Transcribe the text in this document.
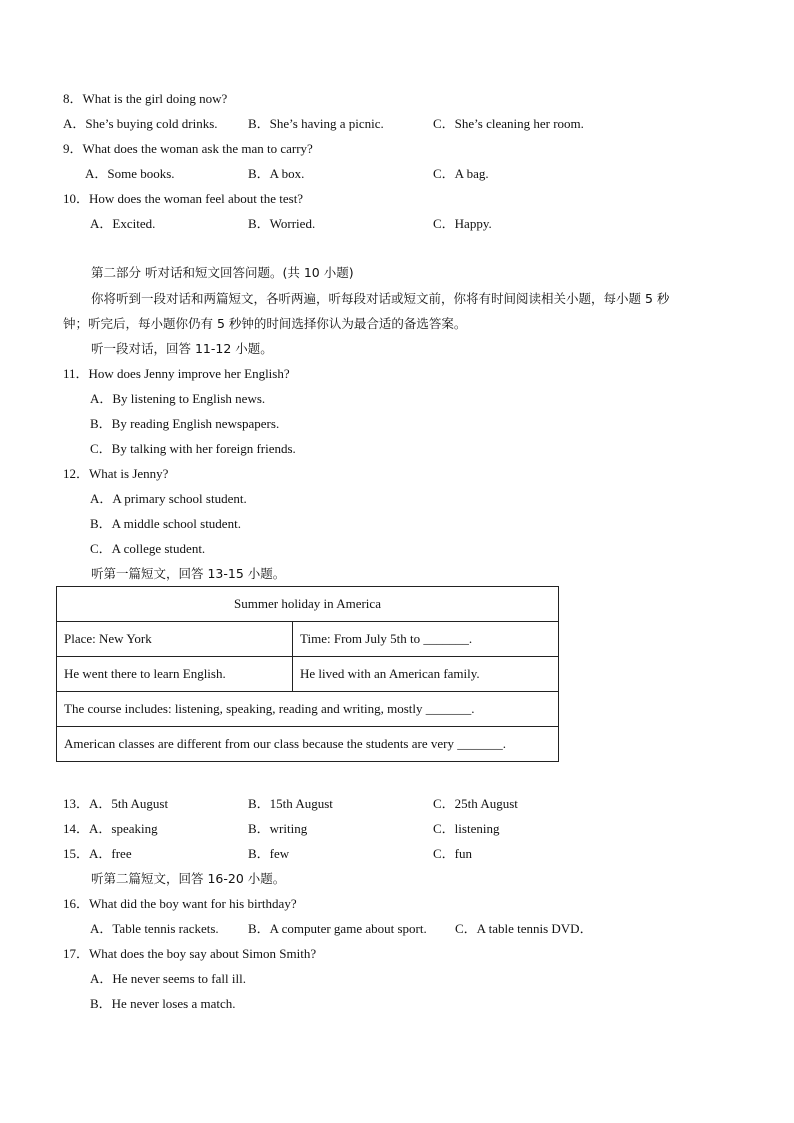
8．What is the girl doing now?
A．She’s buying cold drinks. B．She’s having a picnic.	C．She’s cleaning her room.
9．What does the woman ask the man to carry?
A．Some books.	B．A box.	C．A bag.
10．How does the woman feel about the test?
A．Excited.	B．Worried.	C．Happy.
第二部分 听对话和短文回答问题。(共 10 小题)
你将听到一段对话和两篇短文，各听两遍，听每段对话或短文前，你将有时间阅读相关小题，每小题 5 秒
钟；听完后，每小题你仍有 5 秒钟的时间选择你认为最合适的备选答案。
听一段对话，回答 11-12 小题。
11．How does Jenny improve her English?
A．By listening to English news.
B．By reading English newspapers.
C．By talking with her foreign friends.
12．What is Jenny?
A．A primary school student.
B．A middle school student.
C．A college student.
听第一篇短文，回答 13-15 小题。
Summer holiday in America	
Place: New York	Time: From July 5th to _______.
He went there to learn English.	He lived with an American family.
The course includes: listening, speaking, reading and writing, mostly _______.	
American classes are different from our class because the students are very _______.	
13．A．5th August	B．15th August	C．25th August
14．A．speaking	B．writing	C．listening
15．A．free	B．few	C．fun
听第二篇短文，回答 16-20 小题。
16．What did the boy want for his birthday?
A．Table tennis rackets. B．A computer game about sport. C．A table tennis DVD．
17．What does the boy say about Simon Smith?
A．He never seems to fall ill.
B．He never loses a match.
